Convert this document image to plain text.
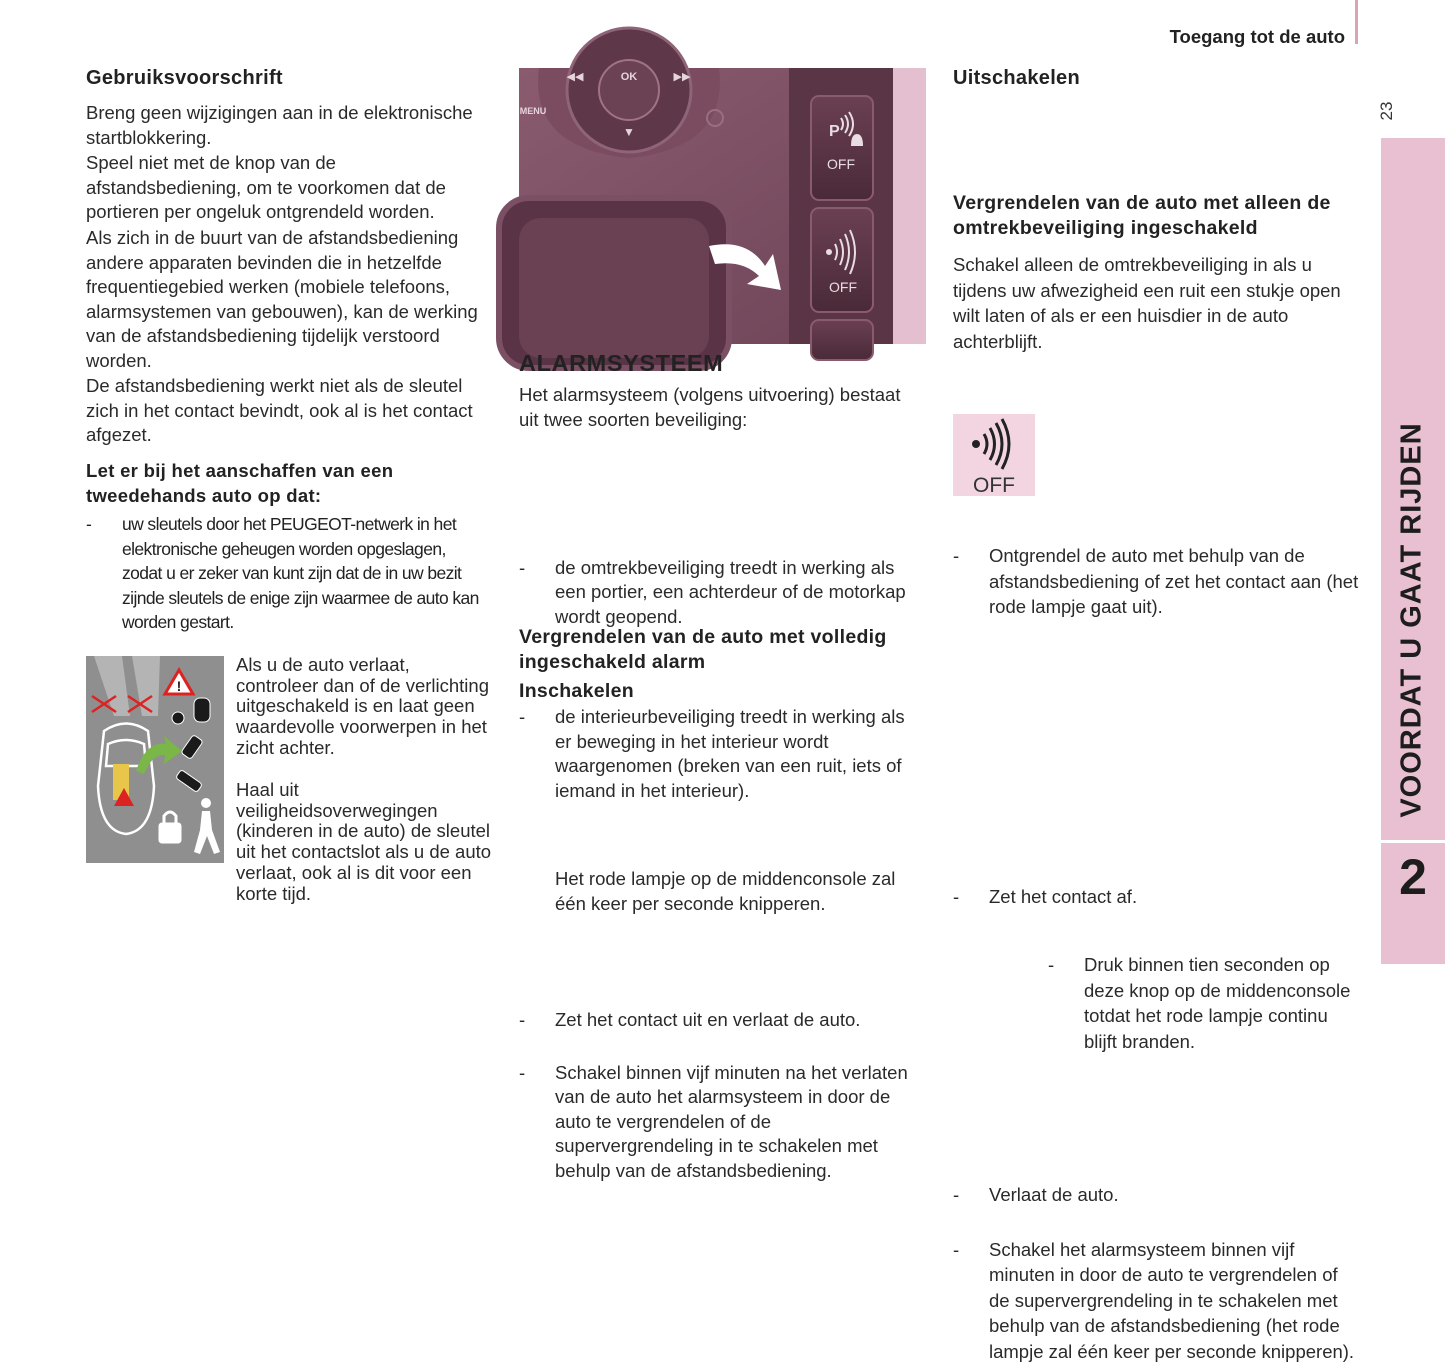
Toegang tot de auto
23
VOORDAT U GAAT RIJDEN
2
Gebruiksvoorschrift
Breng geen wijzigingen aan in de elektronische startblokkering.
Speel niet met de knop van de afstandsbediening, om te voorkomen dat de portieren per ongeluk ontgrendeld worden.
Als zich in de buurt van de afstandsbediening andere apparaten bevinden die in hetzelfde frequentiegebied werken (mobiele telefoons, alarmsystemen van gebouwen), kan de werking van de afstandsbediening tijdelijk verstoord worden.
De afstandsbediening werkt niet als de sleutel zich in het contact bevindt, ook al is het contact afgezet.
Let er bij het aanschaffen van een tweedehands auto op dat:
- uw sleutels door het PEUGEOT-netwerk in het elektronische geheugen worden opgeslagen, zodat u er zeker van kunt zijn dat de in uw bezit zijnde sleutels de enige zijn waarmee de auto kan worden gestart.
!
Als u de auto verlaat, controleer dan of de verlichting uitgeschakeld is en laat geen waardevolle voorwerpen in het zicht achter.
Haal uit veiligheidsoverwegingen (kinderen in de auto) de sleutel uit het contactslot als u de auto verlaat, ook al is dit voor een korte tijd.
OK
◀◀	▶▶
▼
MENU
P
OFF
OFF
ALARMSYSTEEM
Het alarmsysteem (volgens uitvoering) bestaat uit twee soorten beveiliging:
- de omtrekbeveiliging treedt in werking als een portier, een achterdeur of de motorkap wordt geopend.
- de interieurbeveiliging treedt in werking als er beweging in het interieur wordt waargenomen (breken van een ruit, iets of iemand in het interieur).
Vergrendelen van de auto met volledig ingeschakeld alarm
Inschakelen
- Zet het contact uit en verlaat de auto.
- Schakel binnen vijf minuten na het verlaten van de auto het alarmsysteem in door de auto te vergrendelen of de supervergrendeling in te schakelen met behulp van de afstandsbediening.
Het rode lampje op de middenconsole zal één keer per seconde knipperen.
Uitschakelen
- Ontgrendel de auto met behulp van de afstandsbediening of zet het contact aan (het rode lampje gaat uit).
Vergrendelen van de auto met alleen de omtrekbeveiliging ingeschakeld
Schakel alleen de omtrekbeveiliging in als u tijdens uw afwezigheid een ruit een stukje open wilt laten of als er een huisdier in de auto achterblijft.
- Zet het contact af.
OFF
- Druk binnen tien seconden op deze knop op de middenconsole totdat het rode lampje continu blijft branden.
- Verlaat de auto.
- Schakel het alarmsysteem binnen vijf minuten in door de auto te vergrendelen of de supervergrendeling in te schakelen met behulp van de afstandsbediening (het rode lampje zal één keer per seconde knipperen).
